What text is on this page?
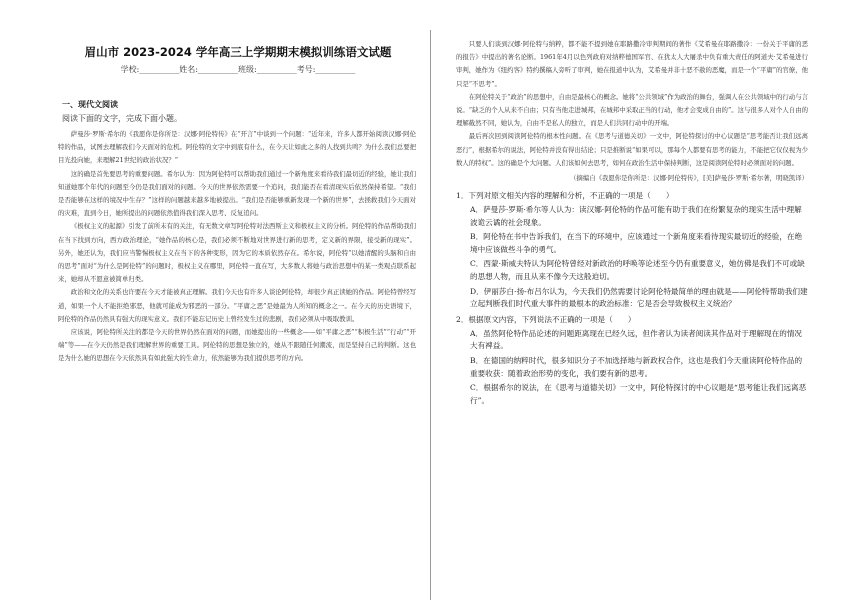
眉山市 2023-2024 学年高三上学期期末模拟训练语文试题
学校:__________姓名:__________班级:__________考号:__________
一、现代文阅读
阅读下面的文字，完成下面小题。

萨曼莎·罗斯·希尔的《我愿你是你所是：汉娜·阿伦特传》在“开言”中谈到一个问题：“近年来，许多人都开始阅读汉娜·阿伦特的作品，试图去理解我们今天面对的危机。阿伦特的文字中到底有什么，在今天让如此之多的人找到共鸣？为什么我们总要把目光投向她，来理解21世纪的政治状况？”

这的确是首先要思考的重要问题。希尔认为：因为阿伦特可以帮助我们通过一个新角度来看待我们最切近的经验，她让我们知道她那个年代的问题至今仍是我们面对的问题。今天的世界依然需要一个追问，我们能否在看清现实后依然保持希望。“我们是否能够在这样的境况中生存？”这样的问题越来越多地被提出。“我们是否能够重新发现一个新的世界”，去拯救我们今天面对的灾难，直到今日，她所提出的问题依然值得我们深入思考、反复追问。

《极权主义的起源》引发了前所未有的关注，有无数文章写阿伦特对法西斯主义和极权主义的分析。阿伦特的作品帮助我们在当下找到方向，西方政治理论，“她作品的核心是，我们必须不断地对世界进行新的思考，定义新的界限，接受新的现实”。另外，她还认为，我们应当警惕极权主义在当下的各种变形，因为它的本质依然存在。希尔说，阿伦特“以她清醒的头脑和自由的思考”面对“为什么是阿伦特”的问题时，极权主义在哪里，阿伦特一直在写，大多数人将她与政治思想中的某一类观点联系起来，她却从不愿意被简单归类。

政治和文化的关系也许要在今天才能被真正理解。我们今天也有许多人谈论阿伦特，却很少真正读她的作品。阿伦特曾经写道，如果一个人不能拒绝邪恶，他就可能成为邪恶的一部分。“平庸之恶”是她最为人所知的概念之一。在今天的历史语境下，阿伦特的作品仍然具有强大的现实意义。我们不能忘记历史上曾经发生过的悲剧，我们必须从中吸取教训。

应该说，阿伦特所关注的都是今天的世界仍然在面对的问题，而她提出的一些概念——如“平庸之恶”“积极生活”“行动”“开端”等——在今天仍然是我们理解世界的重要工具。阿伦特的思想是独立的，她从不跟随任何潮流，而是坚持自己的判断。这也是为什么她的思想在今天依然具有如此强大的生命力，依然能够为我们提供思考的方向。

只要人们谈到汉娜·阿伦特与纳粹，都不能不提到她在耶路撒冷审判期间的著作《艾希曼在耶路撒冷：一份关于平庸的恶的报告》中提出的著名论断。1961年4月以色列政府对纳粹德国军官、在犹太人大屠杀中负有重大责任的阿道夫·艾希曼进行审判，她作为《纽约客》特约撰稿人旁听了审判，她在报道中认为，艾希曼并非十恶不赦的恶魔，而是一个“平庸”的官僚，他只是“不思考”。

在阿伦特关于“政治”的思想中，自由是最核心的概念。她将“公共领域”作为政治的舞台，强调人在公共领域中的行动与言说。“缺乏的个人从来不自由；只有当他走进城邦，在城邦中采取正当的行动，他才会变成自由的”。这与很多人对个人自由的理解截然不同，她认为，自由不是私人的独立，而是人们共同行动中的开端。

最后再次回到阅读阿伦特的根本性问题。在《思考与道德关切》一文中，阿伦特探讨的中心议题是“思考能否让我们远离恶行”，根据希尔的说法，阿伦特并没有得出结论；只是推断说“如果可以，那每个人都要有思考的能力，不能把它仅仅视为少数人的特权”。这的确是个大问题。人们该如何去思考，如何在政治生活中保持判断，这是阅读阿伦特时必须面对的问题。

（摘编自《我愿你是你所是：汉娜·阿伦特传》，[美]萨曼莎·罗斯·希尔著，明晓凯译）
1．下列对原文相关内容的理解和分析，不正确的一项是（　　）
A．萨曼莎·罗斯·希尔等人认为：读汉娜·阿伦特的作品可能有助于我们在纷繁复杂的现实生活中理解波诡云谲的社会现象。
B．阿伦特在书中告诉我们，在当下的环境中，应该通过一个新角度来看待现实最切近的经验，在绝境中应该做些斗争的勇气。
C．西蒙·斯威夫特认为阿伦特曾经对新政治的呼唤等论述至今仍有重要意义，她仿佛是我们不可或缺的思想人物，而且从来不像今天这般迫切。
D．伊丽莎白·扬-布吕尔认为，今天我们仍然需要讨论阿伦特最简单的理由就是——阿伦特帮助我们建立起判断我们时代重大事件的最根本的政治标准：它是否会导致极权主义统治？
2．根据原文内容，下列说法不正确的一项是（　　）
A．虽然阿伦特作品论述的问题距离现在已经久远，但作者认为读者阅读其作品对于理解现在的情况大有裨益。
B．在德国的纳粹时代，很多知识分子不加选择地与新政权合作，这也是我们今天重读阿伦特作品的重要收获：随着政治形势的变化，我们要有新的思考。
C．根据希尔的说法，在《思考与道德关切》一文中，阿伦特探讨的中心议题是“思考能让我们远离恶行”。
